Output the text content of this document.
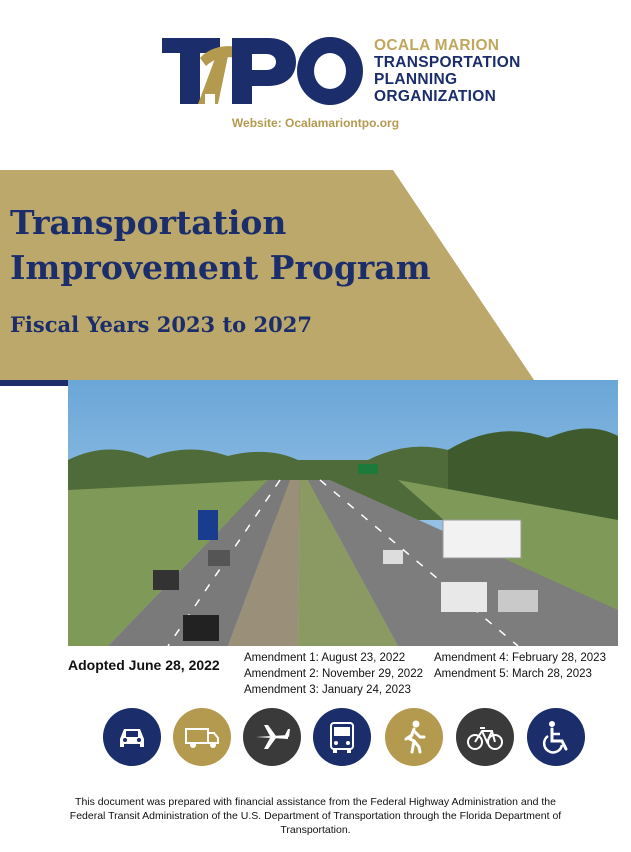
OCALA MARION
TRANSPORTATION
PLANNING
ORGANIZATION
Website: Ocalamariontpo.org
Transportation
Improvement Program
Fiscal Years 2023 to 2027
Adopted June 28, 2022 Amendment 1: August 23, 2022
Amendment 2: November 29, 2022
Amendment 3: January 24, 2023
Amendment 4: February 28, 2023
Amendment 5: March 28, 2023
This document was prepared with financial assistance from the Federal Highway Administration and the Federal Transit Administration of the U.S. Department of Transportation through the Florida Department of Transportation.
